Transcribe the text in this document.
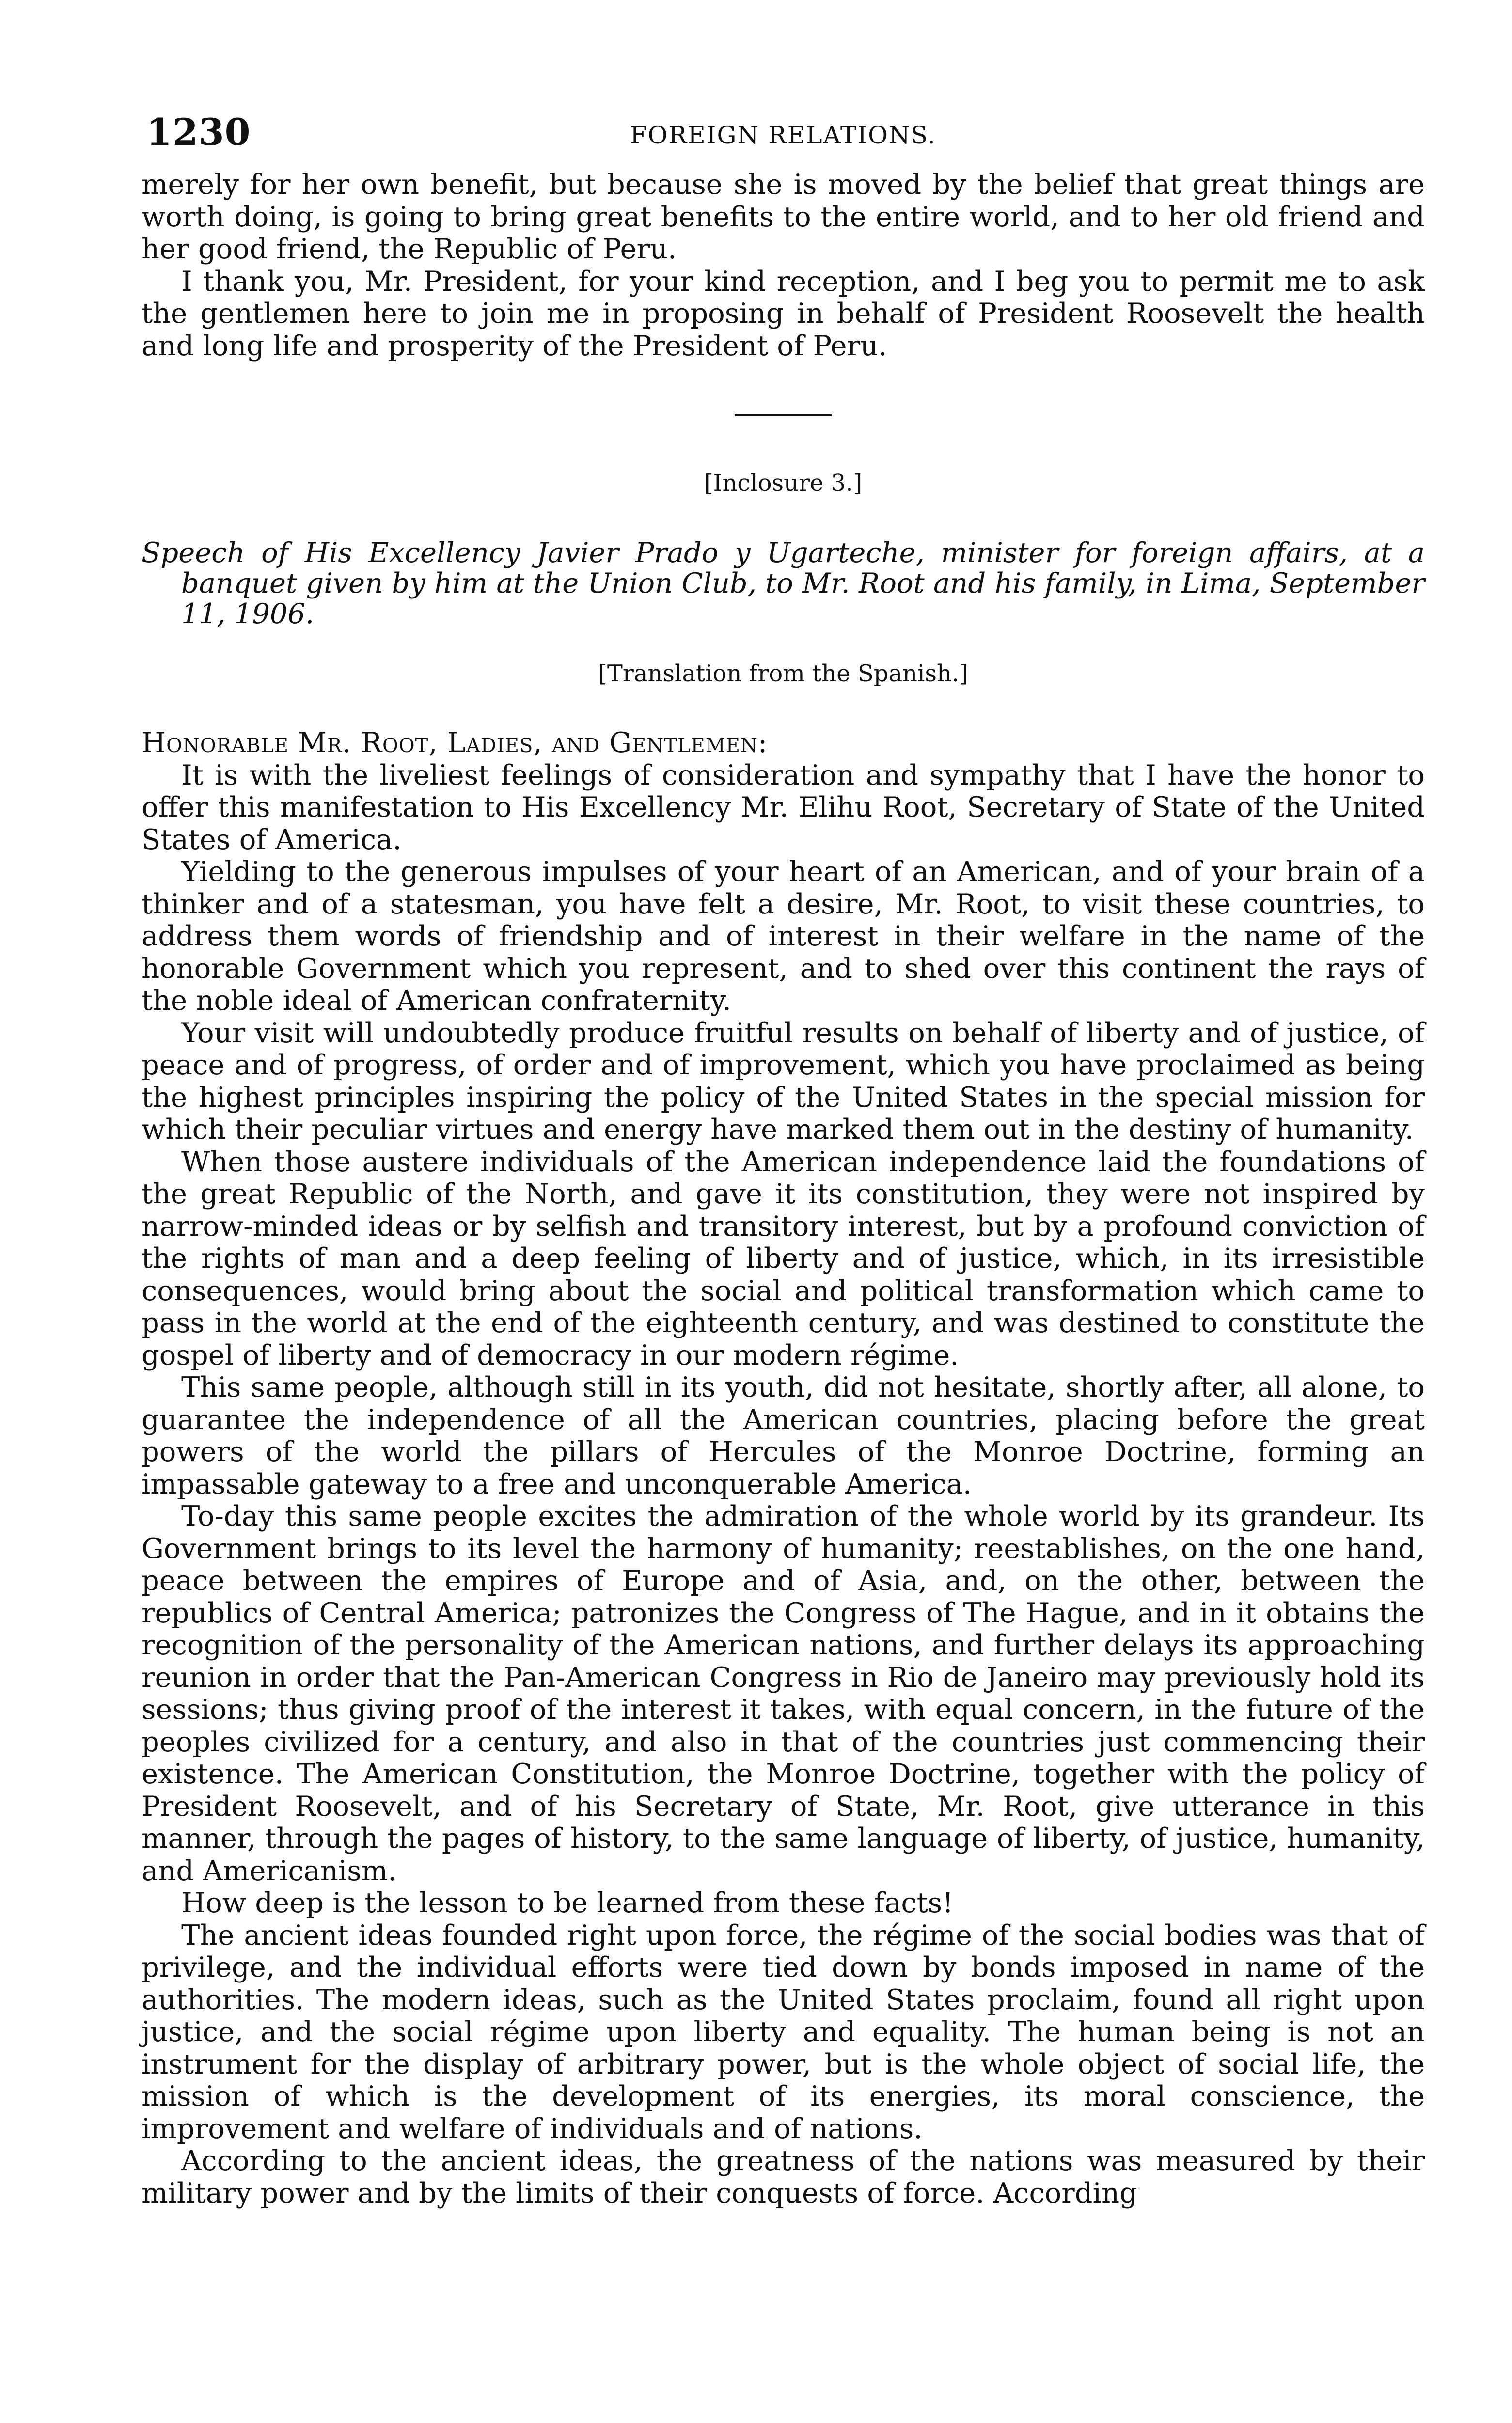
1230	FOREIGN RELATIONS.

merely for her own benefit, but because she is moved by the belief that great things are worth doing, is going to bring great benefits to the entire world, and to her old friend and her good friend, the Republic of Peru.

I thank you, Mr. President, for your kind reception, and I beg you to permit me to ask the gentlemen here to join me in proposing in behalf of President Roosevelt the health and long life and prosperity of the President of Peru.

[Inclosure 3.]
Speech of His Excellency Javier Prado y Ugarteche, minister for foreign affairs, at a banquet given by him at the Union Club, to Mr. Root and his family, in Lima, September 11, 1906.
[Translation from the Spanish.]
Honorable Mr. Root, Ladies, and Gentlemen:

It is with the liveliest feelings of consideration and sympathy that I have the honor to offer this manifestation to His Excellency Mr. Elihu Root, Secretary of State of the United States of America.

Yielding to the generous impulses of your heart of an American, and of your brain of a thinker and of a statesman, you have felt a desire, Mr. Root, to visit these countries, to address them words of friendship and of interest in their welfare in the name of the honorable Government which you represent, and to shed over this continent the rays of the noble ideal of American confraternity.

Your visit will undoubtedly produce fruitful results on behalf of liberty and of justice, of peace and of progress, of order and of improvement, which you have proclaimed as being the highest principles inspiring the policy of the United States in the special mission for which their peculiar virtues and energy have marked them out in the destiny of humanity.

When those austere individuals of the American independence laid the foundations of the great Republic of the North, and gave it its constitution, they were not inspired by narrow-minded ideas or by selfish and transitory interest, but by a profound conviction of the rights of man and a deep feeling of liberty and of justice, which, in its irresistible consequences, would bring about the social and political transformation which came to pass in the world at the end of the eighteenth century, and was destined to constitute the gospel of liberty and of democracy in our modern régime.

This same people, although still in its youth, did not hesitate, shortly after, all alone, to guarantee the independence of all the American countries, placing before the great powers of the world the pillars of Hercules of the Monroe Doctrine, forming an impassable gateway to a free and unconquerable America.

To-day this same people excites the admiration of the whole world by its grandeur. Its Government brings to its level the harmony of humanity; reestablishes, on the one hand, peace between the empires of Europe and of Asia, and, on the other, between the republics of Central America; patronizes the Congress of The Hague, and in it obtains the recognition of the personality of the American nations, and further delays its approaching reunion in order that the Pan-American Congress in Rio de Janeiro may previously hold its sessions; thus giving proof of the interest it takes, with equal concern, in the future of the peoples civilized for a century, and also in that of the countries just commencing their existence. The American Constitution, the Monroe Doctrine, together with the policy of President Roosevelt, and of his Secretary of State, Mr. Root, give utterance in this manner, through the pages of history, to the same language of liberty, of justice, humanity, and Americanism.

How deep is the lesson to be learned from these facts!

The ancient ideas founded right upon force, the régime of the social bodies was that of privilege, and the individual efforts were tied down by bonds imposed in name of the authorities. The modern ideas, such as the United States proclaim, found all right upon justice, and the social régime upon liberty and equality. The human being is not an instrument for the display of arbitrary power, but is the whole object of social life, the mission of which is the development of its energies, its moral conscience, the improvement and welfare of individuals and of nations.

According to the ancient ideas, the greatness of the nations was measured by their military power and by the limits of their conquests of force. According
